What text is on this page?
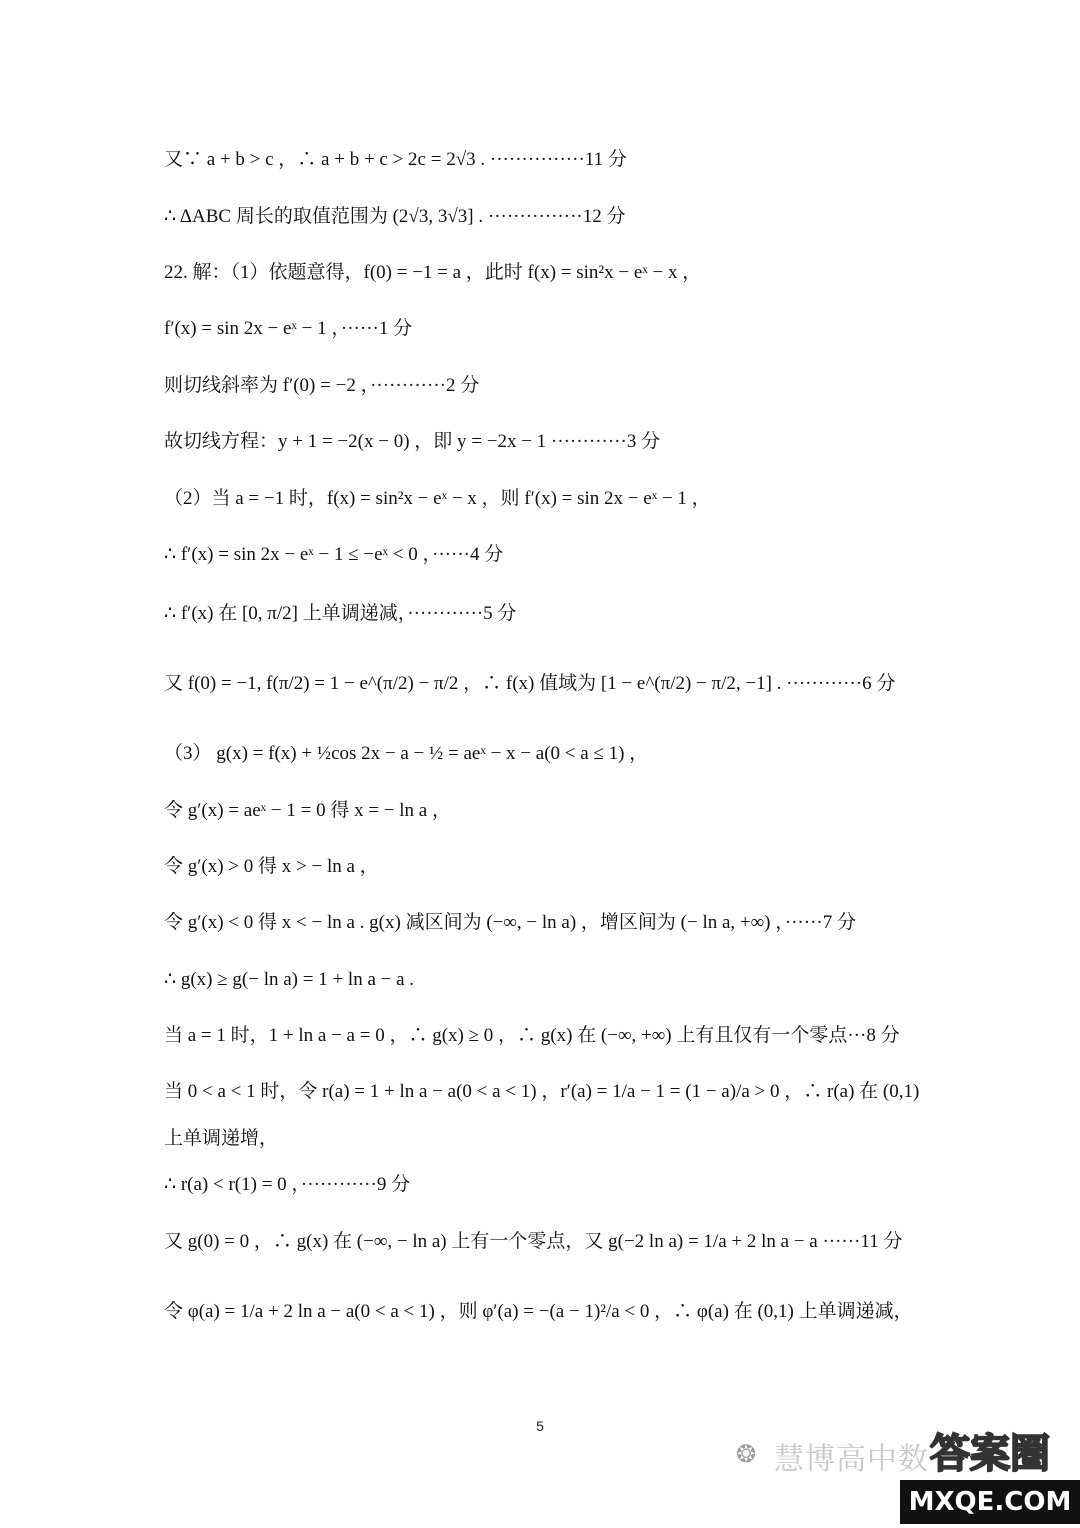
又∵ a + b > c ，∴ a + b + c > 2c = 2√3 . ···············11 分
∴ ΔABC 周长的取值范围为 (2√3, 3√3] . ···············12 分
22. 解：（1）依题意得，f(0) = −1 = a ，此时 f(x) = sin²x − eˣ − x ，
f′(x) = sin 2x − eˣ − 1 ，······1 分
则切线斜率为 f′(0) = −2 ，············2 分
故切线方程：y + 1 = −2(x − 0) ，即 y = −2x − 1 ············3 分
（2）当 a = −1 时，f(x) = sin²x − eˣ − x ，则 f′(x) = sin 2x − eˣ − 1 ，
∴ f′(x) = sin 2x − eˣ − 1 ≤ −eˣ < 0 ，······4 分
∴ f′(x) 在 [0, π/2] 上单调递减，············5 分
又 f(0) = −1, f(π/2) = 1 − e^(π/2) − π/2 ，∴ f(x) 值域为 [1 − e^(π/2) − π/2, −1] . ············6 分
（3） g(x) = f(x) + ½cos 2x − a − ½ = aeˣ − x − a(0 < a ≤ 1) ，
令 g′(x) = aeˣ − 1 = 0 得 x = − ln a ，
令 g′(x) > 0 得 x > − ln a ，
令 g′(x) < 0 得 x < − ln a . g(x) 减区间为 (−∞, − ln a) ，增区间为 (− ln a, +∞) ，······7 分
∴ g(x) ≥ g(− ln a) = 1 + ln a − a .
当 a = 1 时，1 + ln a − a = 0 ，∴ g(x) ≥ 0 ，∴ g(x) 在 (−∞, +∞) 上有且仅有一个零点···8 分
当 0 < a < 1 时，令 r(a) = 1 + ln a − a(0 < a < 1) ，r′(a) = 1/a − 1 = (1 − a)/a > 0 ，∴ r(a) 在 (0,1)
上单调递增，
∴ r(a) < r(1) = 0 ，············9 分
又 g(0) = 0 ，∴ g(x) 在 (−∞, − ln a) 上有一个零点，又 g(−2 ln a) = 1/a + 2 ln a − a ······11 分
令 φ(a) = 1/a + 2 ln a − a(0 < a < 1) ，则 φ′(a) = −(a − 1)²/a < 0 ，∴ φ(a) 在 (0,1) 上单调递减，
5
❂ 慧博高中数 答案圈
MXQE.COM
